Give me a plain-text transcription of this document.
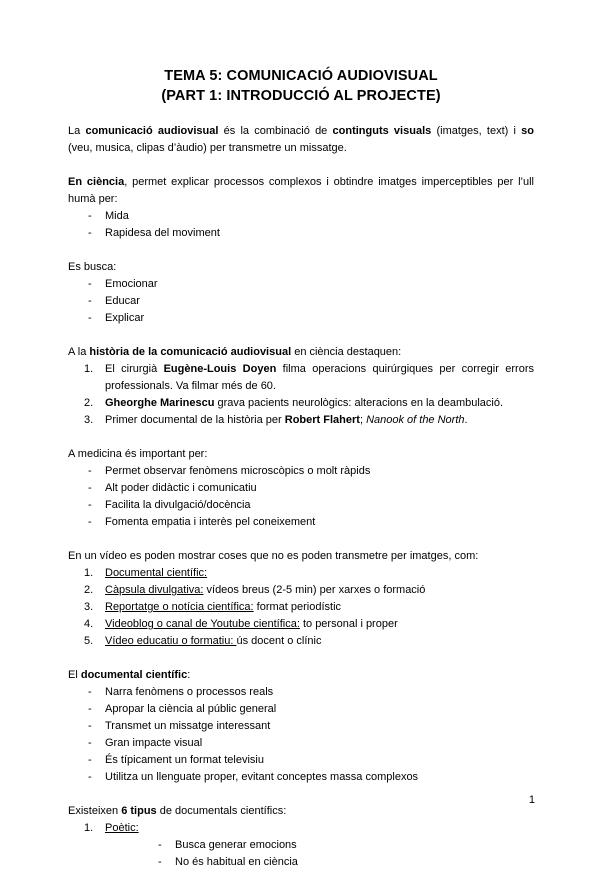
TEMA 5: COMUNICACIÓ AUDIOVISUAL
(PART 1: INTRODUCCIÓ AL PROJECTE)

La comunicació audiovisual és la combinació de continguts visuals (imatges, text) i so (veu, musica, clipas d’àudio) per transmetre un missatge.

En ciència, permet explicar processos complexos i obtindre imatges imperceptibles per l’ull humà per:

- Mida
- Rapidesa del moviment

Es busca:

- Emocionar
- Educar
- Explicar

A la història de la comunicació audiovisual en ciència destaquen:

El cirurgià Eugène-Louis Doyen filma operacions quirúrgiques per corregir errors professionals. Va filmar més de 60.
Gheorghe Marinescu grava pacients neurològics: alteracions en la deambulació.
Primer documental de la història per Robert Flahert; Nanook of the North.

A medicina és important per:

- Permet observar fenòmens microscòpics o molt ràpids
- Alt poder didàctic i comunicatiu
- Facilita la divulgació/docència
- Fomenta empatia i interès pel coneixement

En un vídeo es poden mostrar coses que no es poden transmetre per imatges, com:

Documental científic:
Càpsula divulgativa: vídeos breus (2-5 min) per xarxes o formació
Reportatge o notícia científica: format periodístic
Videoblog o canal de Youtube científica: to personal i proper
Vídeo educatiu o formatiu: ús docent o clínic

El documental científic:

- Narra fenòmens o processos reals
- Apropar la ciència al públic general
- Transmet un missatge interessant
- Gran impacte visual
- És típicament un format televisiu
- Utilitza un llenguate proper, evitant conceptes massa complexos

Existeixen 6 tipus de documentals científics:

Poètic:
- Busca generar emocions
- No és habitual en ciència
1
